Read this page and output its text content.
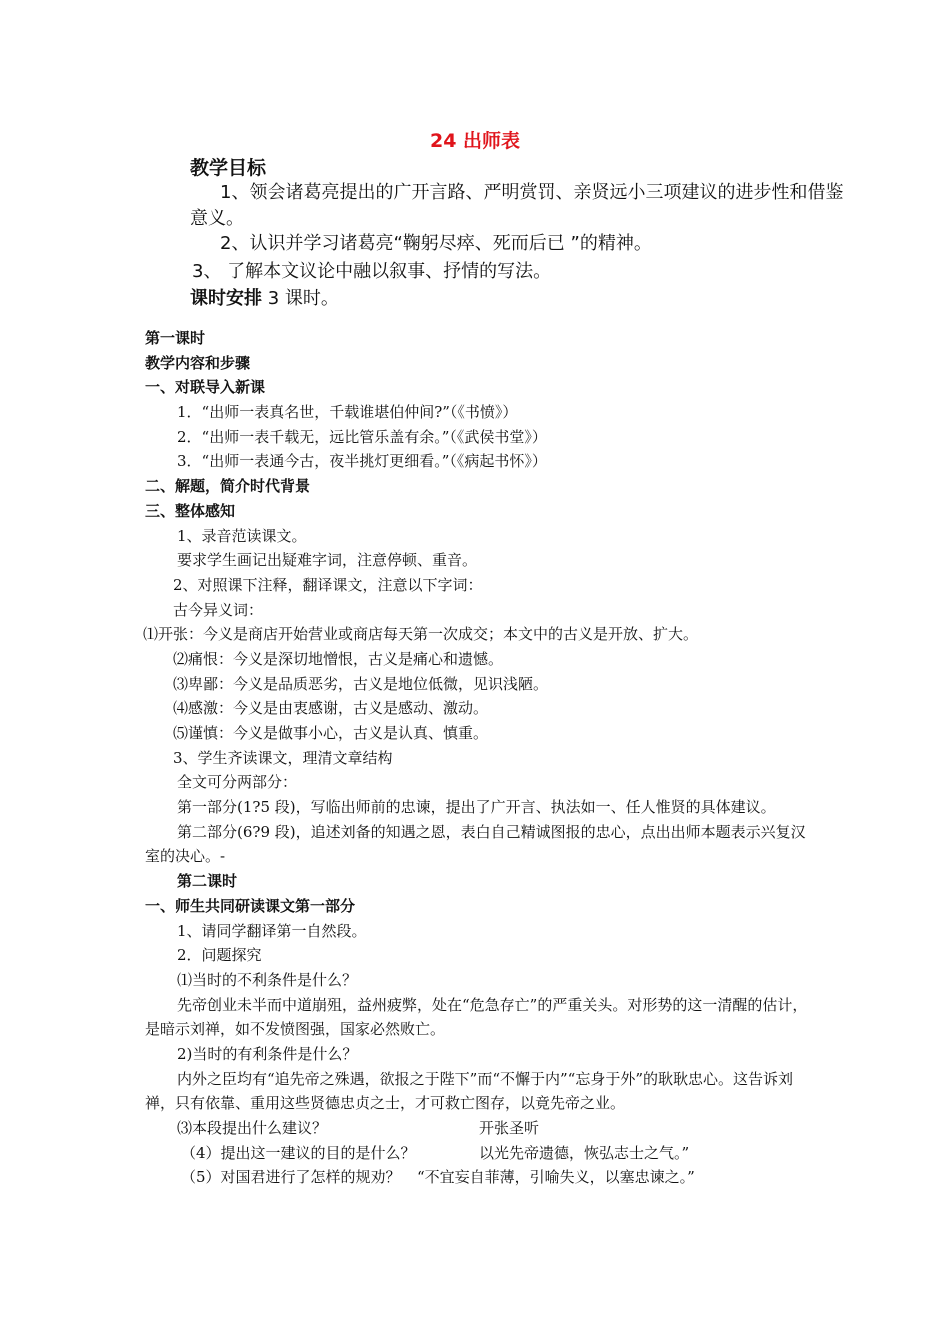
24 出师表
教学目标
1、领会诸葛亮提出的广开言路、严明赏罚、亲贤远小三项建议的进步性和借鉴意义。
2、认识并学习诸葛亮“鞠躬尽瘁、死而后已 ”的精神。
3、 了解本文议论中融以叙事、抒情的写法。
课时安排 3 课时。
第一课时
教学内容和步骤
一、对联导入新课
1．“出师一表真名世，千载谁堪伯仲间?”（《书愤》）
2．“出师一表千载无，远比管乐盖有余。”（《武侯书堂》）
3．“出师一表通今古，夜半挑灯更细看。”（《病起书怀》）
二、解题，简介时代背景
三、整体感知
1、录音范读课文。
要求学生画记出疑难字词，注意停顿、重音。
2、对照课下注释，翻译课文，注意以下字词：
古今异义词：
⑴开张：今义是商店开始营业或商店每天第一次成交；本文中的古义是开放、扩大。
⑵痛恨：今义是深切地憎恨，古义是痛心和遗憾。
⑶卑鄙：今义是品质恶劣，古义是地位低微，见识浅陋。
⑷感激：今义是由衷感谢，古义是感动、激动。
⑸谨慎：今义是做事小心，古义是认真、慎重。
3、学生齐读课文，理清文章结构
全文可分两部分：
第一部分(1?5 段)，写临出师前的忠谏，提出了广开言、执法如一、任人惟贤的具体建议。
第二部分(6?9 段)，追述刘备的知遇之恩，表白自己精诚图报的忠心，点出出师本题表示兴复汉室的决心。-
第二课时
一、师生共同研读课文第一部分
1、请同学翻译第一自然段。
2．问题探究
⑴当时的不利条件是什么？
先帝创业未半而中道崩殂，益州疲弊，处在“危急存亡”的严重关头。对形势的这一清醒的估计，是暗示刘禅，如不发愤图强，国家必然败亡。
2)当时的有利条件是什么？
内外之臣均有“追先帝之殊遇，欲报之于陛下”而“不懈于内”“忘身于外”的耿耿忠心。这告诉刘禅，只有依靠、重用这些贤德忠贞之士，才可救亡图存，以竟先帝之业。
⑶本段提出什么建议？	开张圣听
（4）提出这一建议的目的是什么？	以光先帝遗德，恢弘志士之气。”
（5）对国君进行了怎样的规劝？ “不宜妄自菲薄，引喻失义，以塞忠谏之。”
